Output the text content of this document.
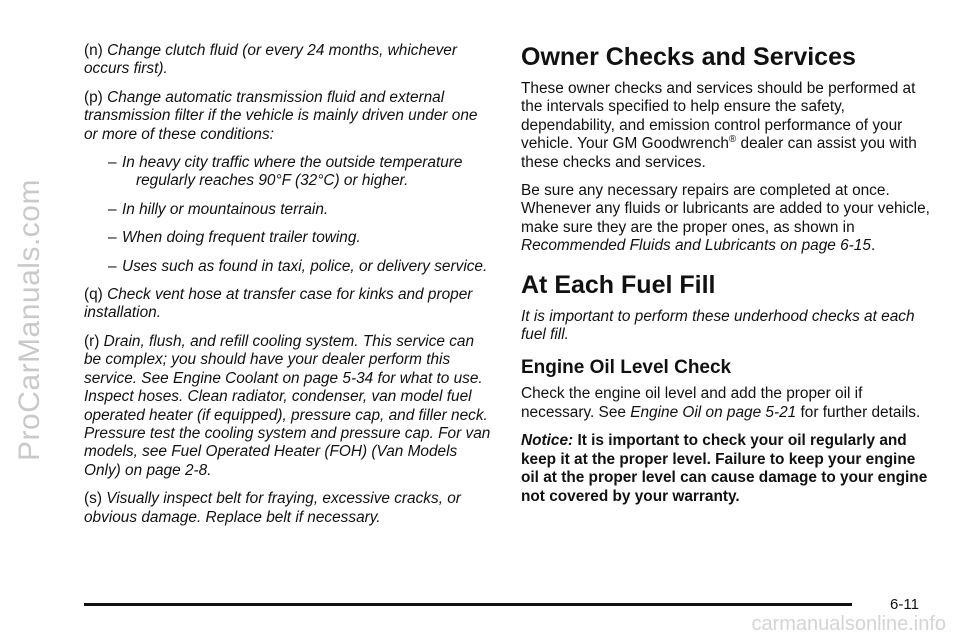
ProCarManuals.com
(n) Change clutch fluid (or every 24 months, whichever occurs first).
(p) Change automatic transmission fluid and external transmission filter if the vehicle is mainly driven under one or more of these conditions:
– In heavy city traffic where the outside temperature regularly reaches 90°F (32°C) or higher.
– In hilly or mountainous terrain.
– When doing frequent trailer towing.
– Uses such as found in taxi, police, or delivery service.
(q) Check vent hose at transfer case for kinks and proper installation.
(r) Drain, flush, and refill cooling system. This service can be complex; you should have your dealer perform this service. See Engine Coolant on page 5-34 for what to use. Inspect hoses. Clean radiator, condenser, van model fuel operated heater (if equipped), pressure cap, and filler neck. Pressure test the cooling system and pressure cap. For van models, see Fuel Operated Heater (FOH) (Van Models Only) on page 2-8.
(s) Visually inspect belt for fraying, excessive cracks, or obvious damage. Replace belt if necessary.
Owner Checks and Services

These owner checks and services should be performed at the intervals specified to help ensure the safety, dependability, and emission control performance of your vehicle. Your GM Goodwrench® dealer can assist you with these checks and services.

Be sure any necessary repairs are completed at once. Whenever any fluids or lubricants are added to your vehicle, make sure they are the proper ones, as shown in Recommended Fluids and Lubricants on page 6-15.

At Each Fuel Fill

It is important to perform these underhood checks at each fuel fill.

Engine Oil Level Check

Check the engine oil level and add the proper oil if necessary. See Engine Oil on page 5-21 for further details.

Notice: It is important to check your oil regularly and keep it at the proper level. Failure to keep your engine oil at the proper level can cause damage to your engine not covered by your warranty.

6-11
carmanualsonline.info
